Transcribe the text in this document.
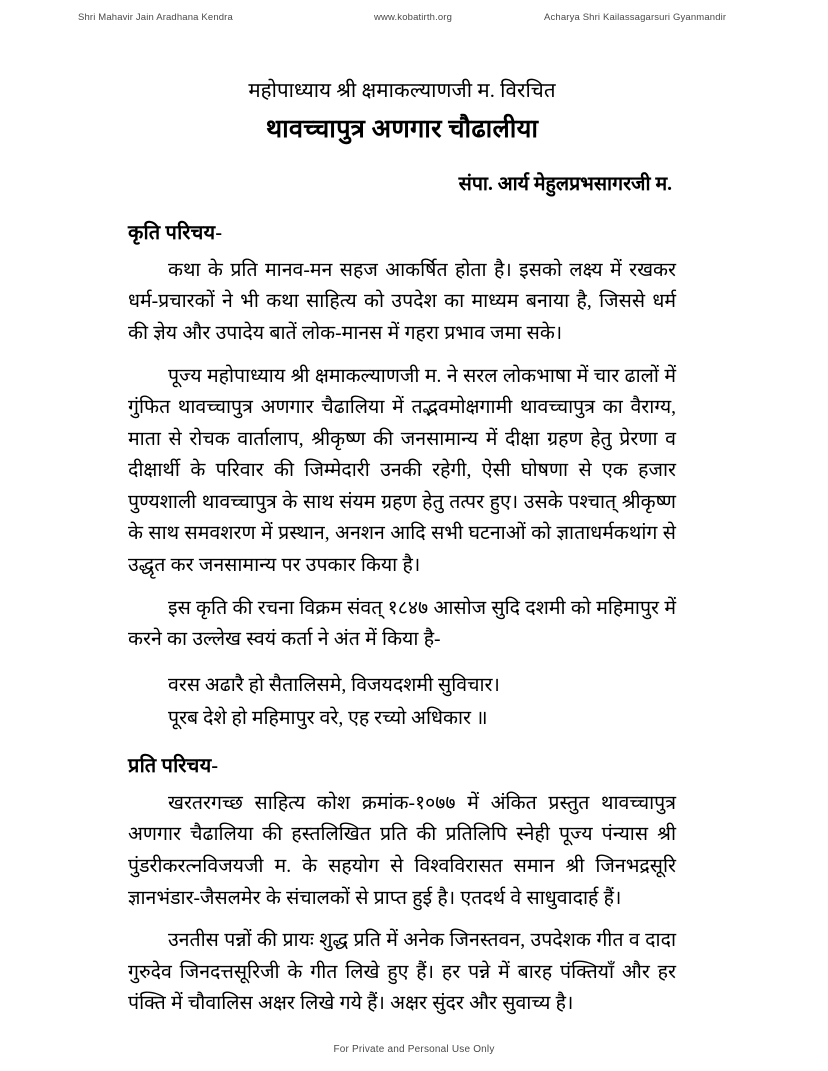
Shri Mahavir Jain Aradhana Kendra	www.kobatirth.org	Acharya Shri Kailassagarsuri Gyanmandir
महोपाध्याय श्री क्षमाकल्याणजी म. विरचित
थावच्चापुत्र अणगार चौढालीया
संपा. आर्य मेहुलप्रभसागरजी म.
कृति परिचय-

कथा के प्रति मानव-मन सहज आकर्षित होता है। इसको लक्ष्य में रखकर धर्म-प्रचारकों ने भी कथा साहित्य को उपदेश का माध्यम बनाया है, जिससे धर्म की ज्ञेय और उपादेय बातें लोक-मानस में गहरा प्रभाव जमा सके।

पूज्य महोपाध्याय श्री क्षमाकल्याणजी म. ने सरल लोकभाषा में चार ढालों में गुंफित थावच्चापुत्र अणगार चैढालिया में तद्भवमोक्षगामी थावच्चापुत्र का वैराग्य, माता से रोचक वार्तालाप, श्रीकृष्ण की जनसामान्य में दीक्षा ग्रहण हेतु प्रेरणा व दीक्षार्थी के परिवार की जिम्मेदारी उनकी रहेगी, ऐसी घोषणा से एक हजार पुण्यशाली थावच्चापुत्र के साथ संयम ग्रहण हेतु तत्पर हुए। उसके पश्चात् श्रीकृष्ण के साथ समवशरण में प्रस्थान, अनशन आदि सभी घटनाओं को ज्ञाताधर्मकथांग से उद्धृत कर जनसामान्य पर उपकार किया है।

इस कृति की रचना विक्रम संवत् १८४७ आसोज सुदि दशमी को महिमापुर में करने का उल्लेख स्वयं कर्ता ने अंत में किया है-

वरस अढारै हो सैतालिसमे, विजयदशमी सुविचार।
पूरब देशे हो महिमापुर वरे, एह रच्यो अधिकार ॥
प्रति परिचय-

खरतरगच्छ साहित्य कोश क्रमांक-१०७७ में अंकित प्रस्तुत थावच्चापुत्र अणगार चैढालिया की हस्तलिखित प्रति की प्रतिलिपि स्नेही पूज्य पंन्यास श्री पुंडरीकरत्नविजयजी म. के सहयोग से विश्वविरासत समान श्री जिनभद्रसूरि ज्ञानभंडार-जैसलमेर के संचालकों से प्राप्त हुई है। एतदर्थ वे साधुवादार्ह हैं।

उनतीस पन्नों की प्रायः शुद्ध प्रति में अनेक जिनस्तवन, उपदेशक गीत व दादा गुरुदेव जिनदत्तसूरिजी के गीत लिखे हुए हैं। हर पन्ने में बारह पंक्तियाँ और हर पंक्ति में चौवालिस अक्षर लिखे गये हैं। अक्षर सुंदर और सुवाच्य है।

For Private and Personal Use Only
